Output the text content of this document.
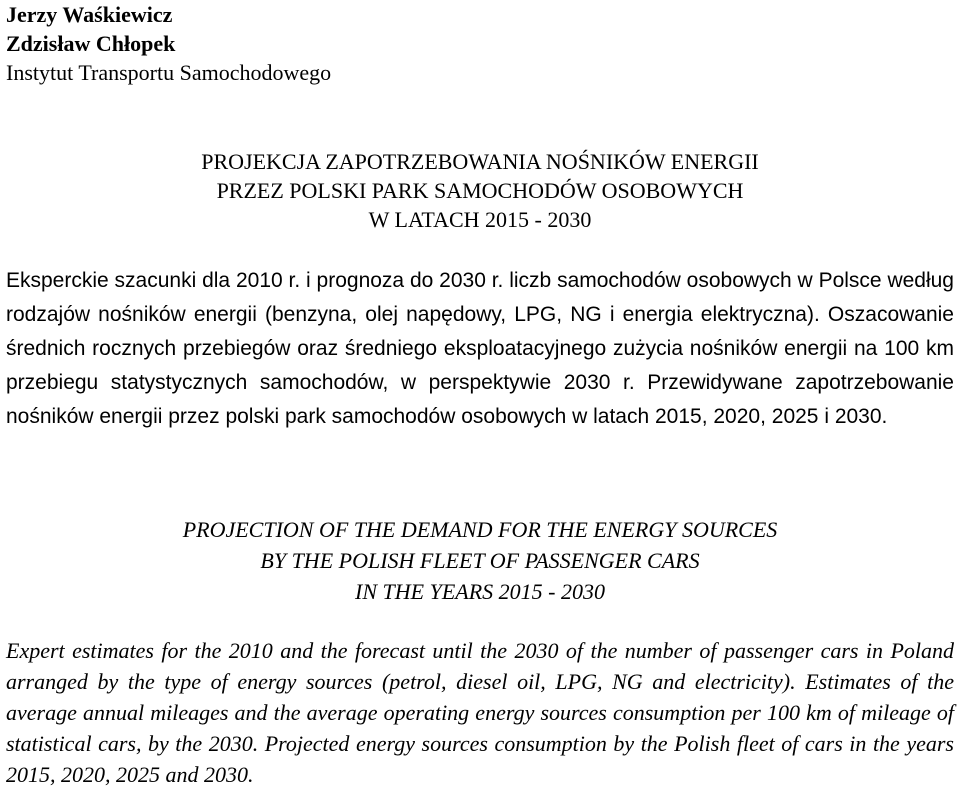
Jerzy Waśkiewicz
Zdzisław Chłopek
Instytut Transportu Samochodowego
PROJEKCJA ZAPOTRZEBOWANIA NOŚNIKÓW ENERGII
PRZEZ POLSKI PARK SAMOCHODÓW OSOBOWYCH
W LATACH 2015 - 2030

Eksperckie szacunki dla 2010 r. i prognoza do 2030 r. liczb samochodów osobowych w Polsce według rodzajów nośników energii (benzyna, olej napędowy, LPG, NG i energia elektryczna). Oszacowanie średnich rocznych przebiegów oraz średniego eksploatacyjnego zużycia nośników energii na 100 km przebiegu statystycznych samochodów, w perspektywie 2030 r. Przewidywane zapotrzebowanie nośników energii przez polski park samochodów osobowych w latach 2015, 2020, 2025 i 2030.

PROJECTION OF THE DEMAND FOR THE ENERGY SOURCES
BY THE POLISH FLEET OF PASSENGER CARS
IN THE YEARS 2015 - 2030

Expert estimates for the 2010 and the forecast until the 2030 of the number of passenger cars in Poland arranged by the type of energy sources (petrol, diesel oil, LPG, NG and electricity). Estimates of the average annual mileages and the average operating energy sources consumption per 100 km of mileage of statistical cars, by the 2030. Projected energy sources consumption by the Polish fleet of cars in the years 2015, 2020, 2025 and 2030.
